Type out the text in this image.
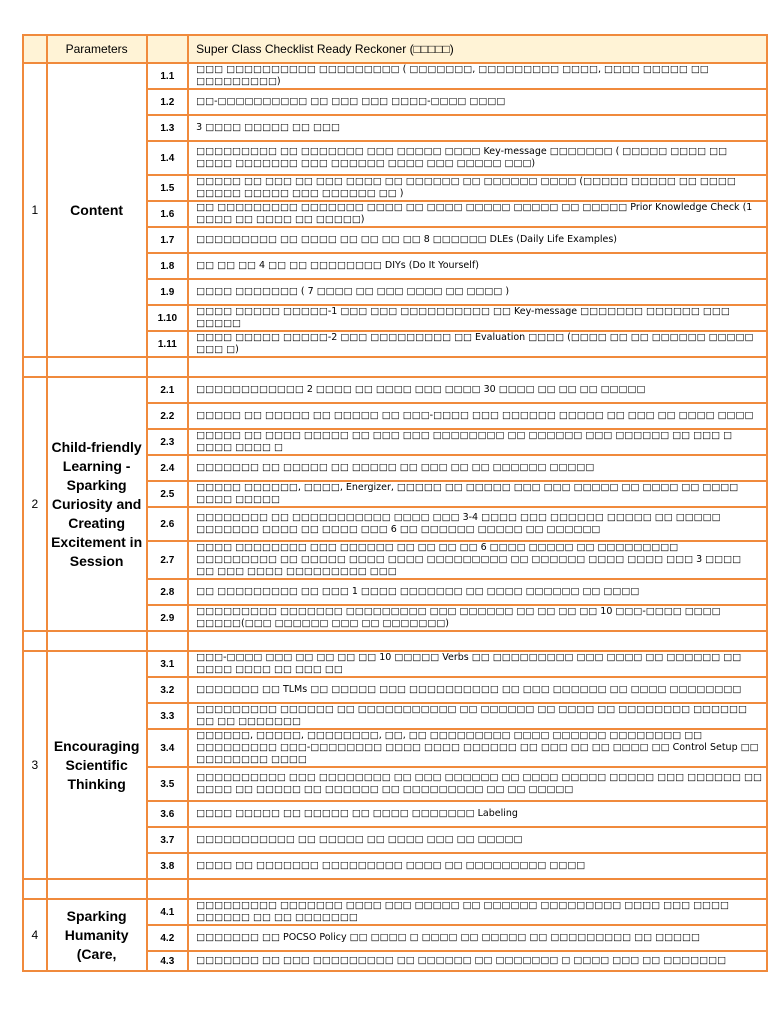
	Parameters		Super Class Checklist Ready Reckoner (□□□□□)
1	Content	1.1	□□□ □□□□□□□□□□ □□□□□□□□□ ( □□□□□□□, □□□□□□□□□ □□□□, □□□□ □□□□□ □□ □□□□□□□□□)
		1.2	□□-□□□□□□□□□□ □□ □□□ □□□ □□□□-□□□□ □□□□
		1.3	3 □□□□ □□□□□ □□ □□□
		1.4	□□□□□□□□□ □□ □□□□□□□ □□□ □□□□□ □□□□ Key-message □□□□□□□ ( □□□□□ □□□□ □□ □□□□ □□□□□□□ □□□ □□□□□□ □□□□ □□□ □□□□□ □□□)
		1.5	□□□□□ □□ □□□ □□ □□□ □□□□ □□ □□□□□□ □□ □□□□□□ □□□□ (□□□□□ □□□□□ □□ □□□□ □□□□□ □□□□□ □□□ □□□□□□ □□ )
		1.6	□□ □□□□□□□□□ □□□□□□□ □□□□ □□ □□□□ □□□□□ □□□□□ □□ □□□□□ Prior Knowledge Check (1 □□□□ □□ □□□□ □□ □□□□□)
		1.7	□□□□□□□□□ □□ □□□□ □□ □□ □□ □□ 8 □□□□□□ DLEs (Daily Life Examples)
		1.8	□□ □□ □□ 4 □□ □□ □□□□□□□□ DIYs (Do It Yourself)
		1.9	□□□□ □□□□□□□ ( 7 □□□□ □□ □□□ □□□□ □□ □□□□ )
		1.10	□□□□ □□□□□ □□□□□-1 □□□ □□□ □□□□□□□□□□ □□ Key-message □□□□□□□ □□□□□□ □□□ □□□□□
		1.11	□□□□ □□□□□ □□□□□-2 □□□ □□□□□□□□□ □□ Evaluation □□□□ (□□□□ □□ □□ □□□□□□ □□□□□ □□□ □)

2	Child-friendly Learning - Sparking Curiosity and Creating Excitement in Session	2.1	□□□□□□□□□□□□ 2 □□□□ □□ □□□□ □□□ □□□□ 30 □□□□ □□ □□ □□ □□□□□
		2.2	□□□□□ □□ □□□□□ □□ □□□□□ □□ □□□-□□□□ □□□ □□□□□□ □□□□□ □□ □□□ □□ □□□□ □□□□
		2.3	□□□□□ □□ □□□□ □□□□□ □□ □□□ □□□ □□□□□□□□ □□ □□□□□□ □□□ □□□□□□ □□ □□□ □ □□□□ □□□□ □
		2.4	□□□□□□□ □□ □□□□□ □□ □□□□□ □□ □□□ □□ □□ □□□□□□ □□□□□
		2.5	□□□□□ □□□□□□, □□□□, Energizer, □□□□□ □□ □□□□□ □□□ □□□ □□□□□ □□ □□□□ □□ □□□□ □□□□ □□□□□
		2.6	□□□□□□□□ □□ □□□□□□□□□□□ □□□□ □□□ 3-4 □□□□ □□□ □□□□□□ □□□□□ □□ □□□□□ □□□□□□□ □□□□ □□ □□□□ □□□ 6 □□ □□□□□□ □□□□□ □□ □□□□□□
		2.7	□□□□ □□□□□□□□ □□□ □□□□□□ □□ □□ □□ □□ 6 □□□□ □□□□□ □□ □□□□□□□□□ □□□□□□□□□ □□ □□□□□ □□□□ □□□□ □□□□□□□□□ □□ □□□□□□ □□□□ □□□□ □□□ 3 □□□□ □□ □□□ □□□□ □□□□□□□□□ □□□
		2.8	□□ □□□□□□□□□ □□ □□□ 1 □□□□ □□□□□□□ □□ □□□□ □□□□□□ □□ □□□□
		2.9	□□□□□□□□□ □□□□□□□ □□□□□□□□□ □□□ □□□□□□ □□ □□ □□ □□ 10 □□□-□□□□ □□□□ □□□□□(□□□ □□□□□□ □□□ □□ □□□□□□□)

3	Encouraging Scientific Thinking	3.1	□□□-□□□□ □□□ □□ □□ □□ □□ 10 □□□□□ Verbs □□ □□□□□□□□□ □□□ □□□□ □□ □□□□□□ □□ □□□□ □□□□ □□ □□□ □□
		3.2	□□□□□□□ □□ TLMs □□ □□□□□ □□□ □□□□□□□□□□ □□ □□□ □□□□□□ □□ □□□□ □□□□□□□□
		3.3	□□□□□□□□□ □□□□□□ □□ □□□□□□□□□□□ □□ □□□□□□ □□ □□□□ □□ □□□□□□□□ □□□□□□ □□ □□ □□□□□□□
		3.4	□□□□□□, □□□□□, □□□□□□□□, □□, □□ □□□□□□□□□ □□□□ □□□□□□ □□□□□□□□ □□ □□□□□□□□□ □□□-□□□□□□□□ □□□□ □□□□ □□□□□□ □□ □□□ □□ □□ □□□□ □□ Control Setup □□ □□□□□□□□ □□□□
		3.5	□□□□□□□□□□ □□□ □□□□□□□□ □□ □□□ □□□□□□ □□ □□□□ □□□□□ □□□□□ □□□ □□□□□□ □□ □□□□ □□ □□□□□ □□ □□□□□□ □□ □□□□□□□□□ □□ □□ □□□□□
		3.6	□□□□ □□□□□ □□ □□□□□ □□ □□□□ □□□□□□□ Labeling
		3.7	□□□□□□□□□□□ □□ □□□□□ □□ □□□□ □□□ □□ □□□□□
		3.8	□□□□ □□ □□□□□□□ □□□□□□□□□ □□□□ □□ □□□□□□□□□ □□□□

4	Sparking Humanity (Care,	4.1	□□□□□□□□□ □□□□□□□ □□□□ □□□ □□□□□ □□ □□□□□□ □□□□□□□□□ □□□□ □□□ □□□□ □□□□□□ □□ □□ □□□□□□□
		4.2	□□□□□□□ □□ POCSO Policy □□ □□□□ □ □□□□ □□ □□□□□ □□ □□□□□□□□□ □□ □□□□□
		4.3	□□□□□□□ □□ □□□ □□□□□□□□□ □□ □□□□□□ □□ □□□□□□□ □ □□□□ □□□ □□ □□□□□□□
